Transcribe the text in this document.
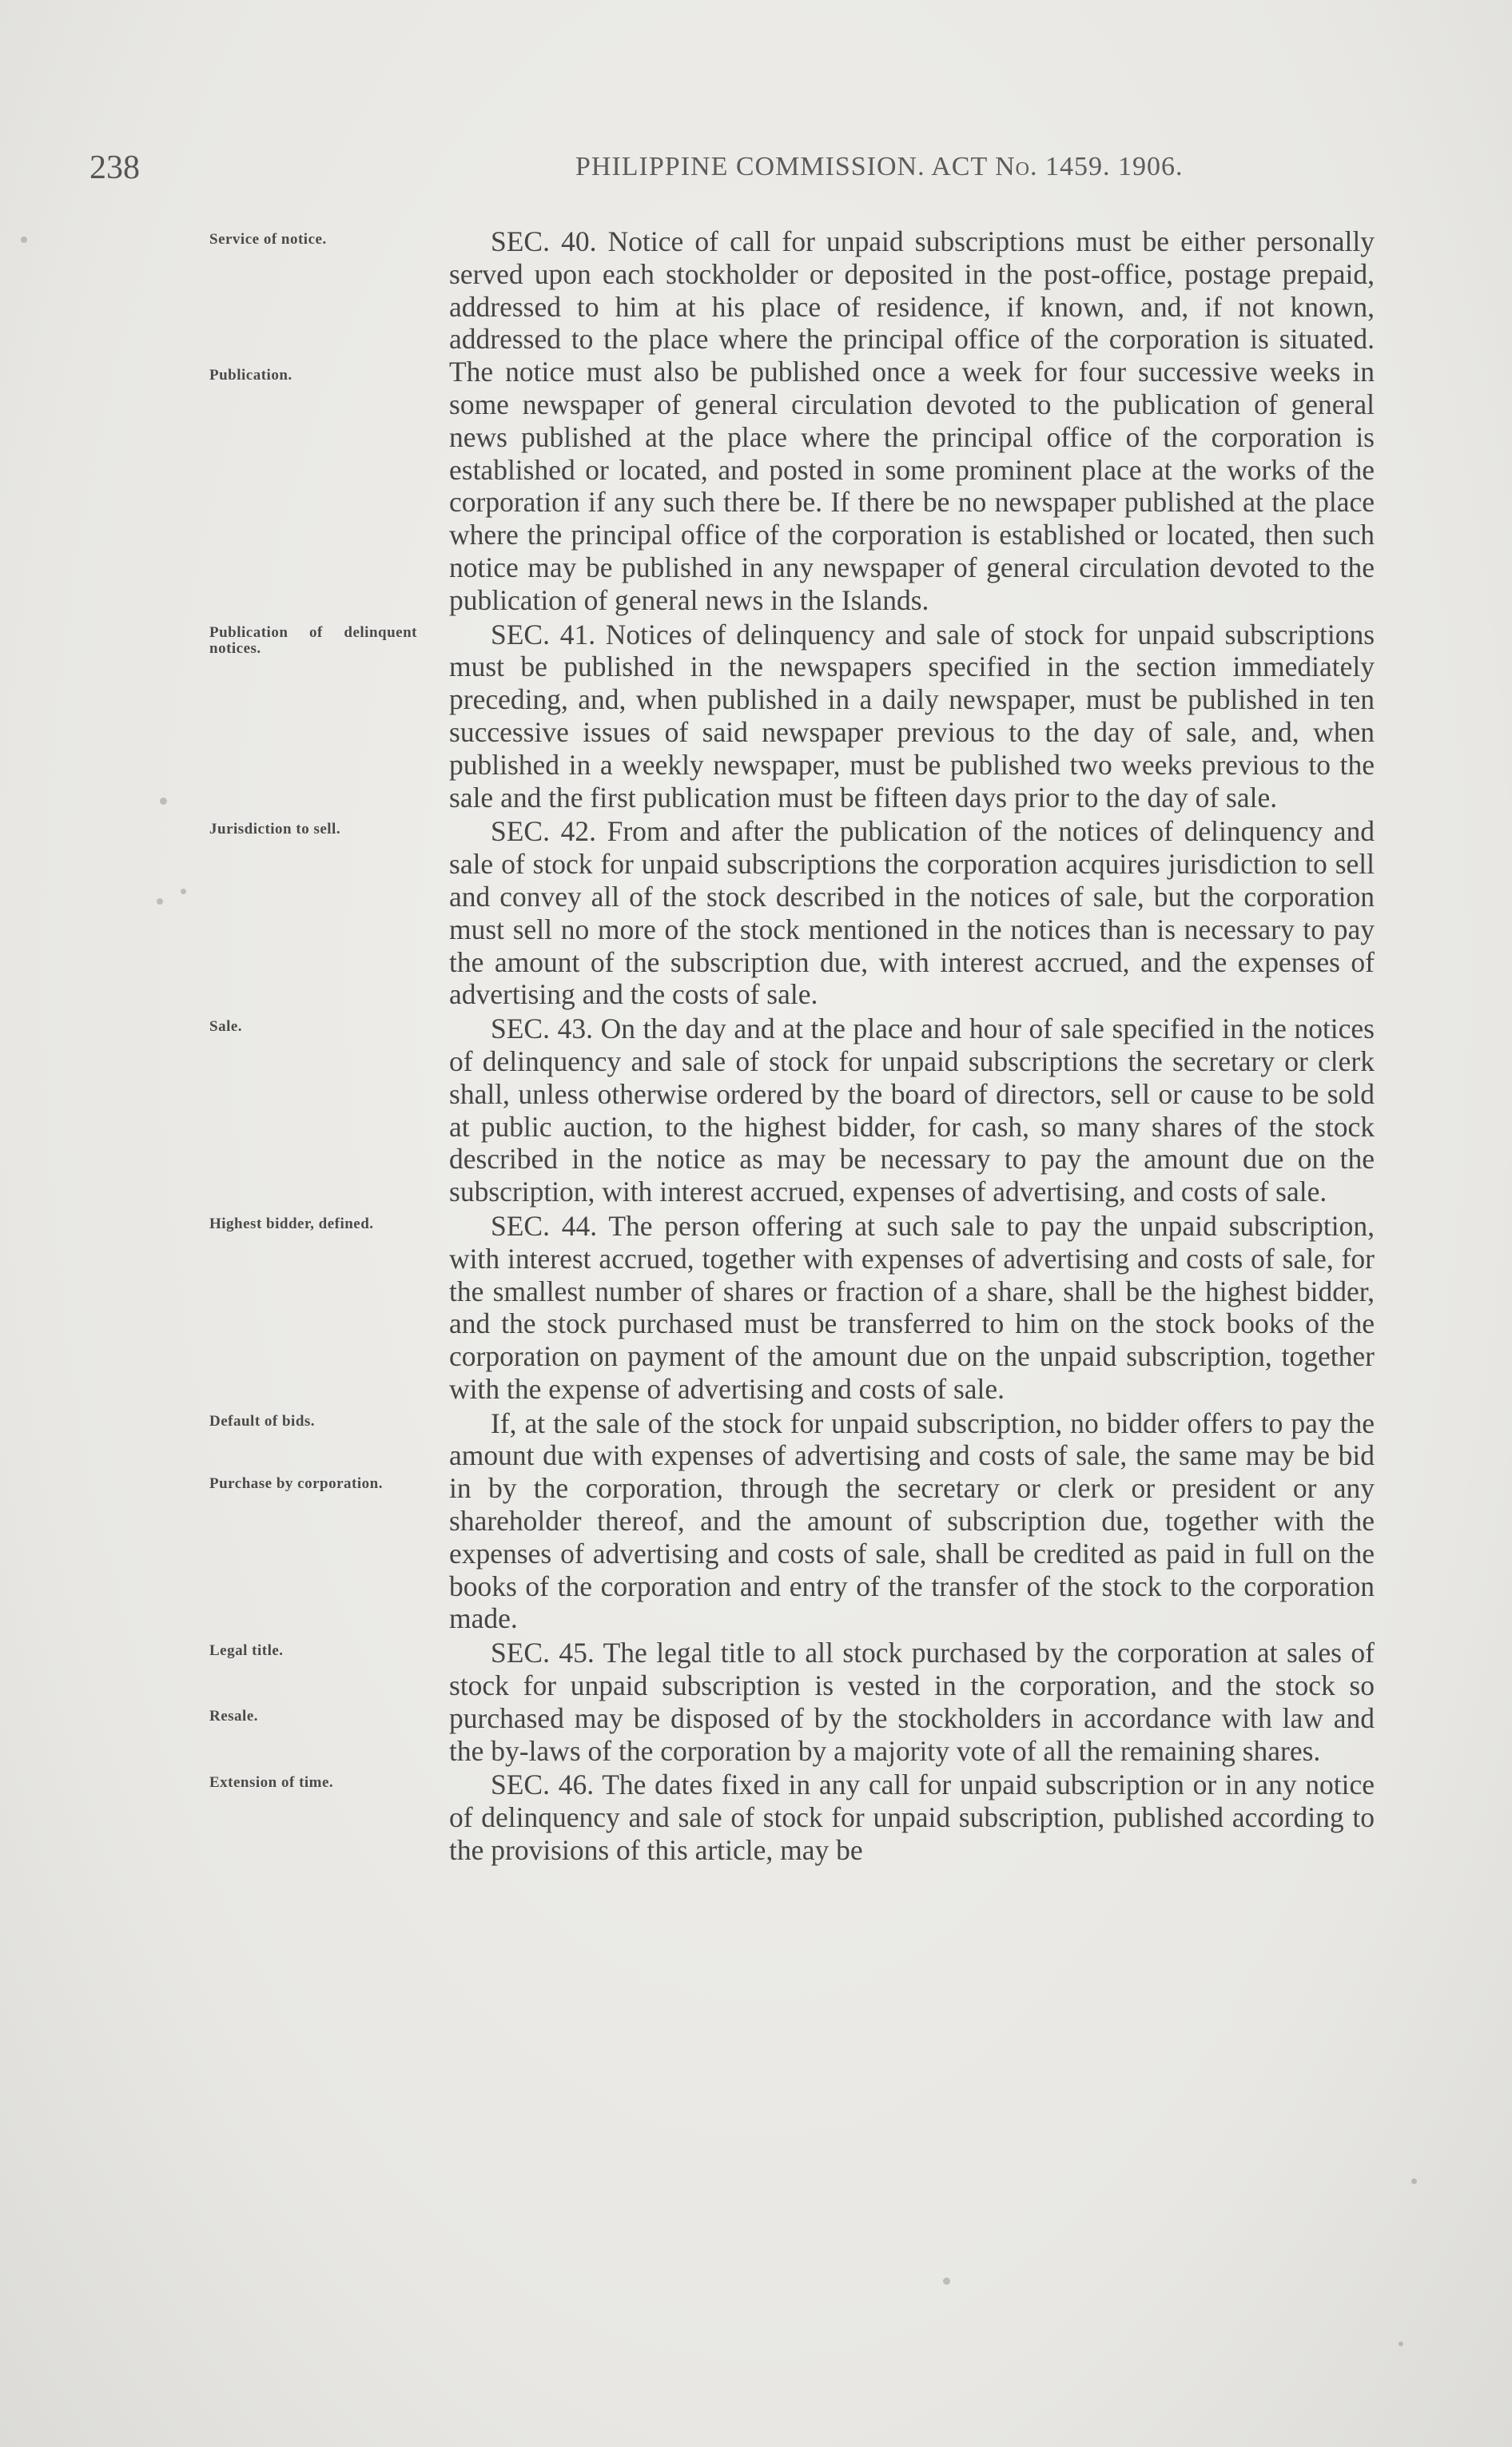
238	PHILIPPINE COMMISSION. ACT No. 1459. 1906.
Service of notice.
Publication.

SEC. 40. Notice of call for unpaid subscriptions must be either personally served upon each stockholder or deposited in the post-office, postage prepaid, addressed to him at his place of residence, if known, and, if not known, addressed to the place where the principal office of the corporation is situated. The notice must also be published once a week for four successive weeks in some newspaper of general circulation devoted to the publication of general news published at the place where the principal office of the corporation is established or located, and posted in some prominent place at the works of the corporation if any such there be. If there be no newspaper published at the place where the principal office of the corporation is established or located, then such notice may be published in any newspaper of general circulation devoted to the publication of general news in the Islands.

Publication of delinquent notices.	SEC. 41. Notices of delinquency and sale of stock for unpaid subscriptions must be published in the newspapers specified in the section immediately preceding, and, when published in a daily newspaper, must be published in ten successive issues of said newspaper previous to the day of sale, and, when published in a weekly newspaper, must be published two weeks previous to the sale and the first publication must be fifteen days prior to the day of sale.

Jurisdiction to sell.	SEC. 42. From and after the publication of the notices of delinquency and sale of stock for unpaid subscriptions the corporation acquires jurisdiction to sell and convey all of the stock described in the notices of sale, but the corporation must sell no more of the stock mentioned in the notices than is necessary to pay the amount of the subscription due, with interest accrued, and the expenses of advertising and the costs of sale.

Sale.	SEC. 43. On the day and at the place and hour of sale specified in the notices of delinquency and sale of stock for unpaid subscriptions the secretary or clerk shall, unless otherwise ordered by the board of directors, sell or cause to be sold at public auction, to the highest bidder, for cash, so many shares of the stock described in the notice as may be necessary to pay the amount due on the subscription, with interest accrued, expenses of advertising, and costs of sale.

Highest bidder, defined.	SEC. 44. The person offering at such sale to pay the unpaid subscription, with interest accrued, together with expenses of advertising and costs of sale, for the smallest number of shares or fraction of a share, shall be the highest bidder, and the stock purchased must be transferred to him on the stock books of the corporation on payment of the amount due on the unpaid subscription, together with the expense of advertising and costs of sale.

Default of bids.
Purchase by corporation.

If, at the sale of the stock for unpaid subscription, no bidder offers to pay the amount due with expenses of advertising and costs of sale, the same may be bid in by the corporation, through the secretary or clerk or president or any shareholder thereof, and the amount of subscription due, together with the expenses of advertising and costs of sale, shall be credited as paid in full on the books of the corporation and entry of the transfer of the stock to the corporation made.

Legal title.
Resale.

SEC. 45. The legal title to all stock purchased by the corporation at sales of stock for unpaid subscription is vested in the corporation, and the stock so purchased may be disposed of by the stockholders in accordance with law and the by-laws of the corporation by a majority vote of all the remaining shares.

Extension of time.	SEC. 46. The dates fixed in any call for unpaid subscription or in any notice of delinquency and sale of stock for unpaid subscription, published according to the provisions of this article, may be
